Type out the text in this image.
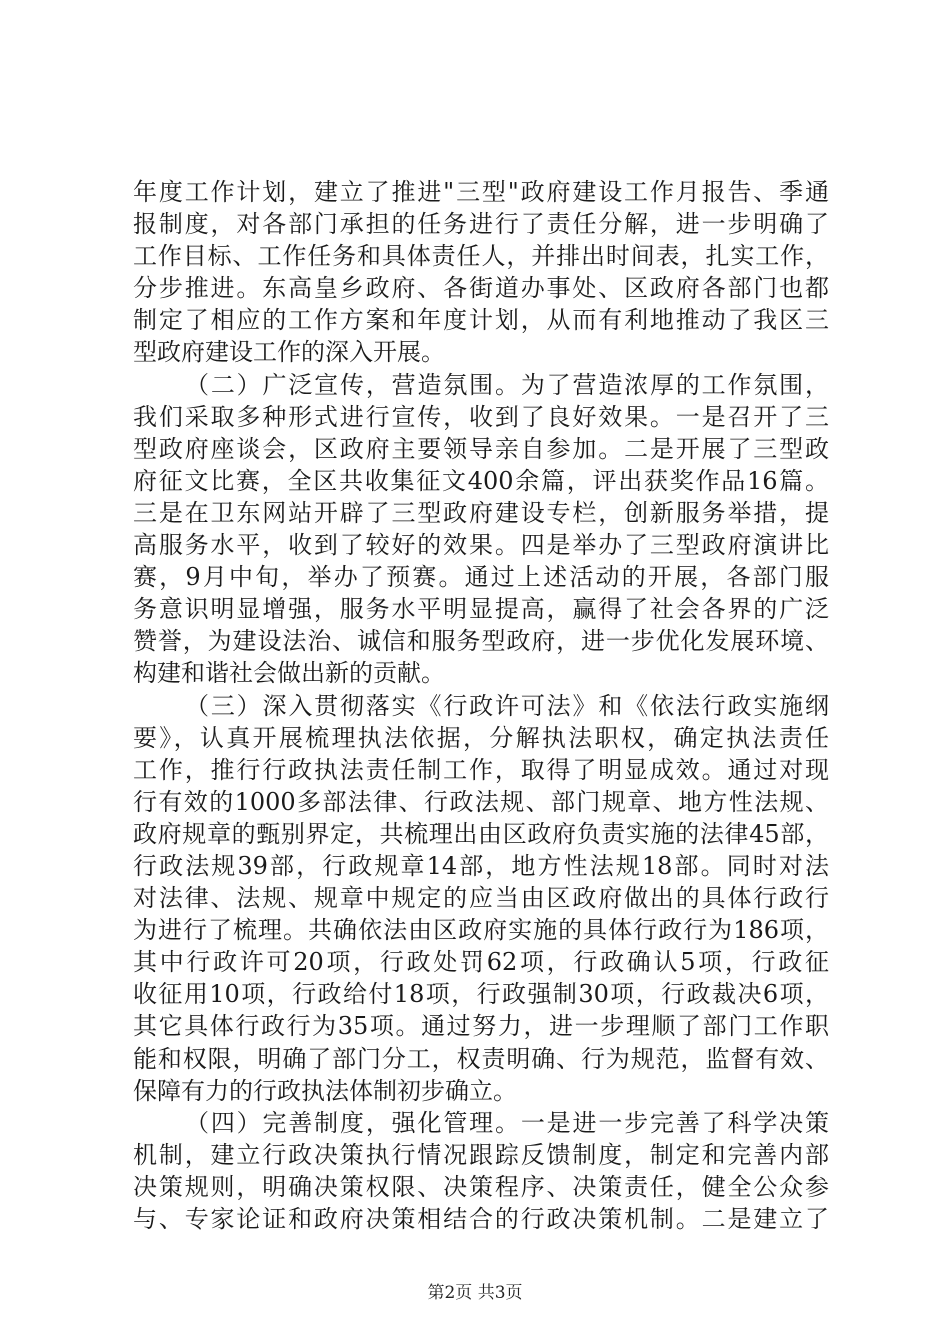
年度工作计划，建立了推进"三型"政府建设工作月报告、季通
报制度，对各部门承担的任务进行了责任分解，进一步明确了
工作目标、工作任务和具体责任人，并排出时间表，扎实工作，
分步推进。东高皇乡政府、各街道办事处、区政府各部门也都
制定了相应的工作方案和年度计划，从而有利地推动了我区三
型政府建设工作的深入开展。
（二）广泛宣传，营造氛围。为了营造浓厚的工作氛围，
我们采取多种形式进行宣传，收到了良好效果。一是召开了三
型政府座谈会，区政府主要领导亲自参加。二是开展了三型政
府征文比赛，全区共收集征文400余篇，评出获奖作品16篇。
三是在卫东网站开辟了三型政府建设专栏，创新服务举措，提
高服务水平，收到了较好的效果。四是举办了三型政府演讲比
赛，9月中旬，举办了预赛。通过上述活动的开展，各部门服
务意识明显增强，服务水平明显提高，赢得了社会各界的广泛
赞誉，为建设法治、诚信和服务型政府，进一步优化发展环境、
构建和谐社会做出新的贡献。
（三）深入贯彻落实《行政许可法》和《依法行政实施纲
要》，认真开展梳理执法依据，分解执法职权，确定执法责任
工作，推行行政执法责任制工作，取得了明显成效。通过对现
行有效的1000多部法律、行政法规、部门规章、地方性法规、
政府规章的甄别界定，共梳理出由区政府负责实施的法律45部，
行政法规39部，行政规章14部，地方性法规18部。同时对法
对法律、法规、规章中规定的应当由区政府做出的具体行政行
为进行了梳理。共确依法由区政府实施的具体行政行为186项，
其中行政许可20项，行政处罚62项，行政确认5项，行政征
收征用10项，行政给付18项，行政强制30项，行政裁决6项，
其它具体行政行为35项。通过努力，进一步理顺了部门工作职
能和权限，明确了部门分工，权责明确、行为规范，监督有效、
保障有力的行政执法体制初步确立。
（四）完善制度，强化管理。一是进一步完善了科学决策
机制，建立行政决策执行情况跟踪反馈制度，制定和完善内部
决策规则，明确决策权限、决策程序、决策责任，健全公众参
与、专家论证和政府决策相结合的行政决策机制。二是建立了
第2页 共3页
